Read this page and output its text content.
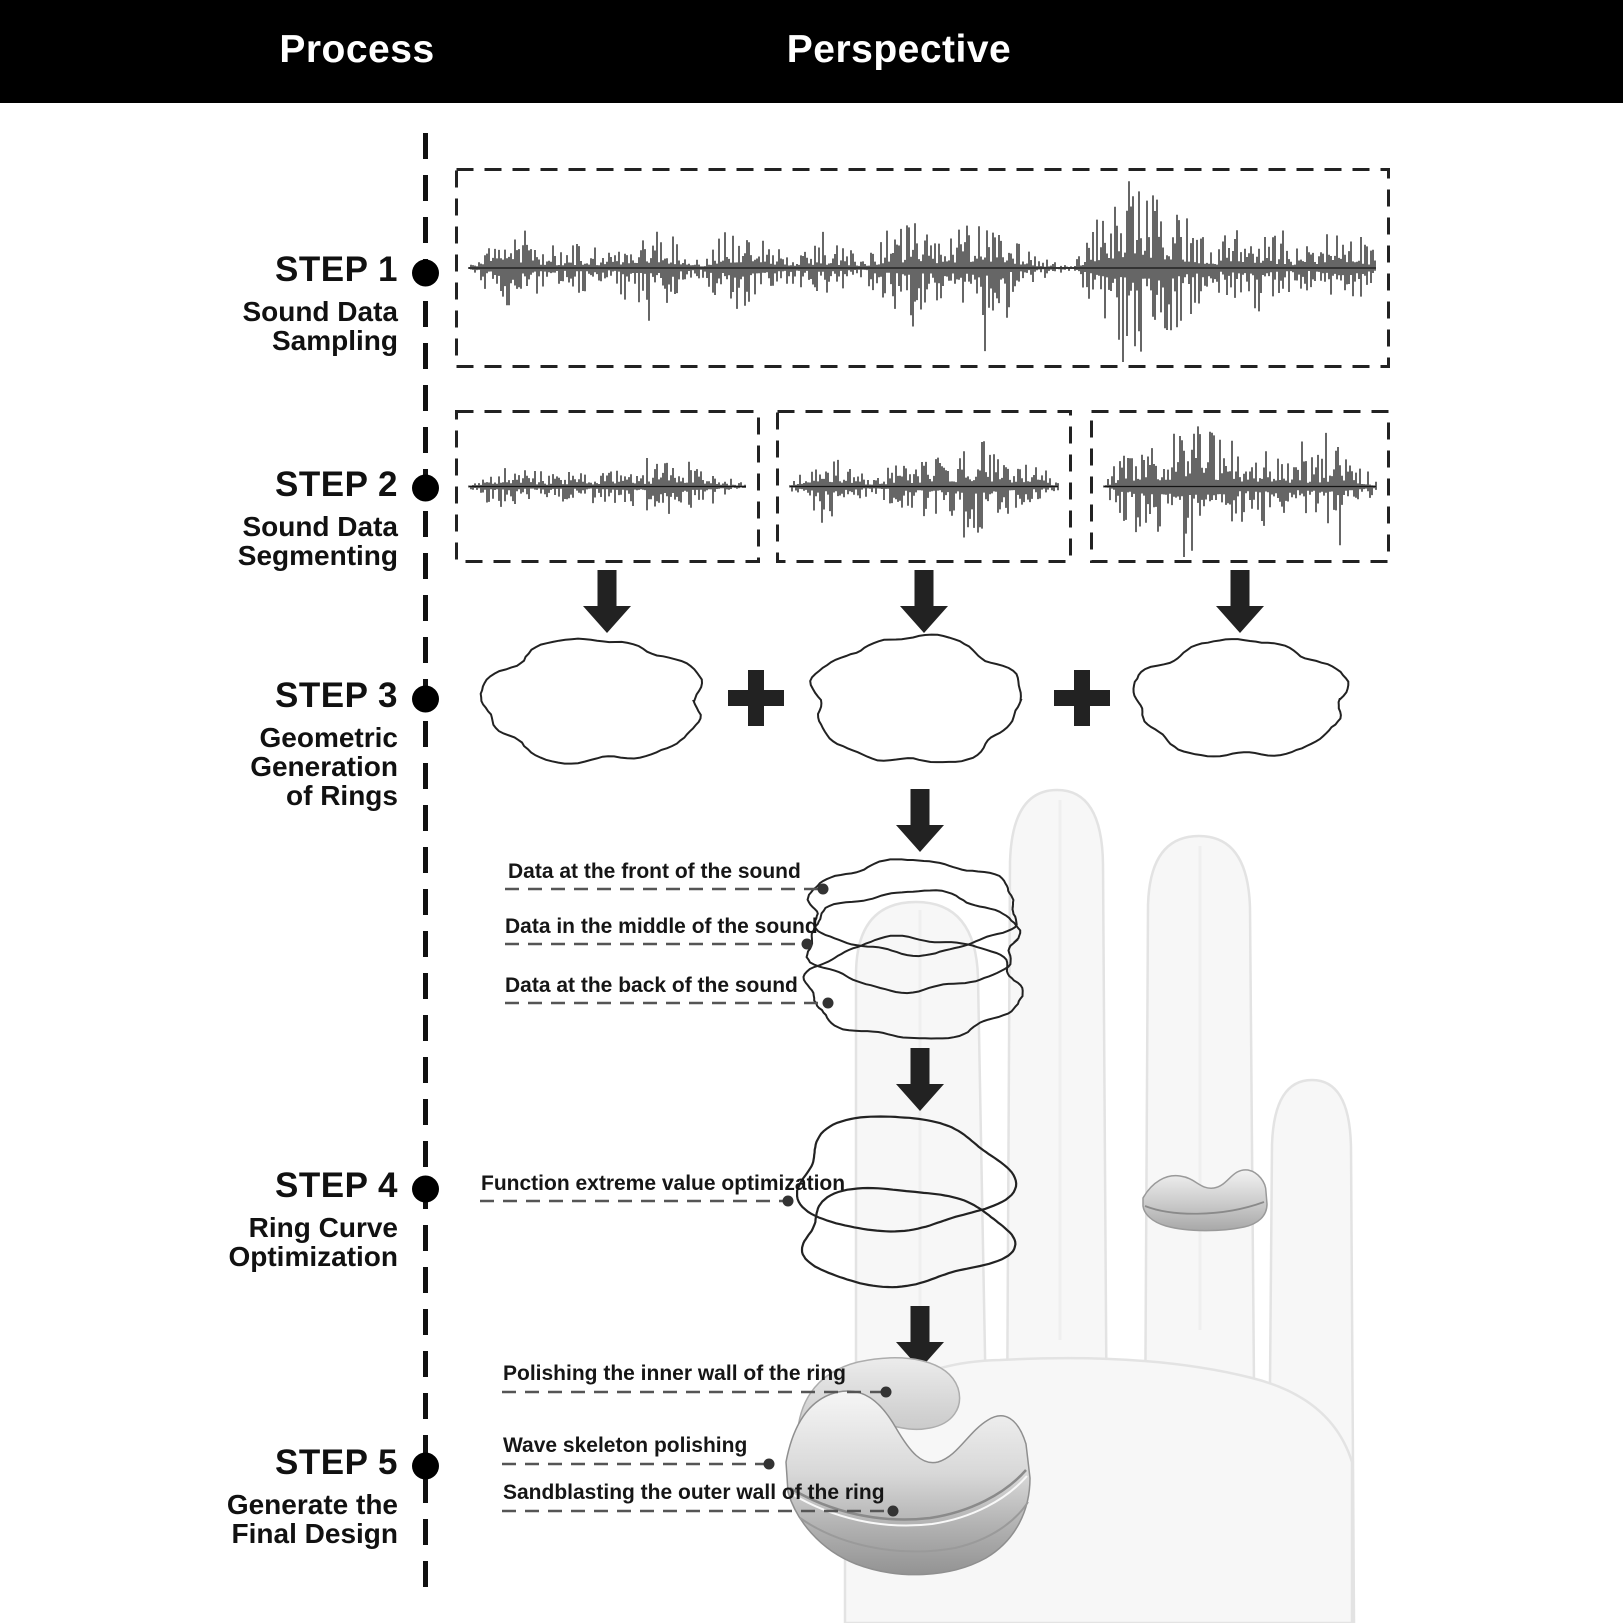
Process	Perspective
STEP 1
Sound Data
Sampling
STEP 2
Sound Data
Segmenting
STEP 3
Geometric
Generation
of Rings
STEP 4
Ring Curve
Optimization
STEP 5
Generate the
Final Design
Data at the front of the sound
Data in the middle of the sound
Data at the back of the sound
Function extreme value optimization
Polishing the inner wall of the ring
Wave skeleton polishing
Sandblasting the outer wall of the ring
